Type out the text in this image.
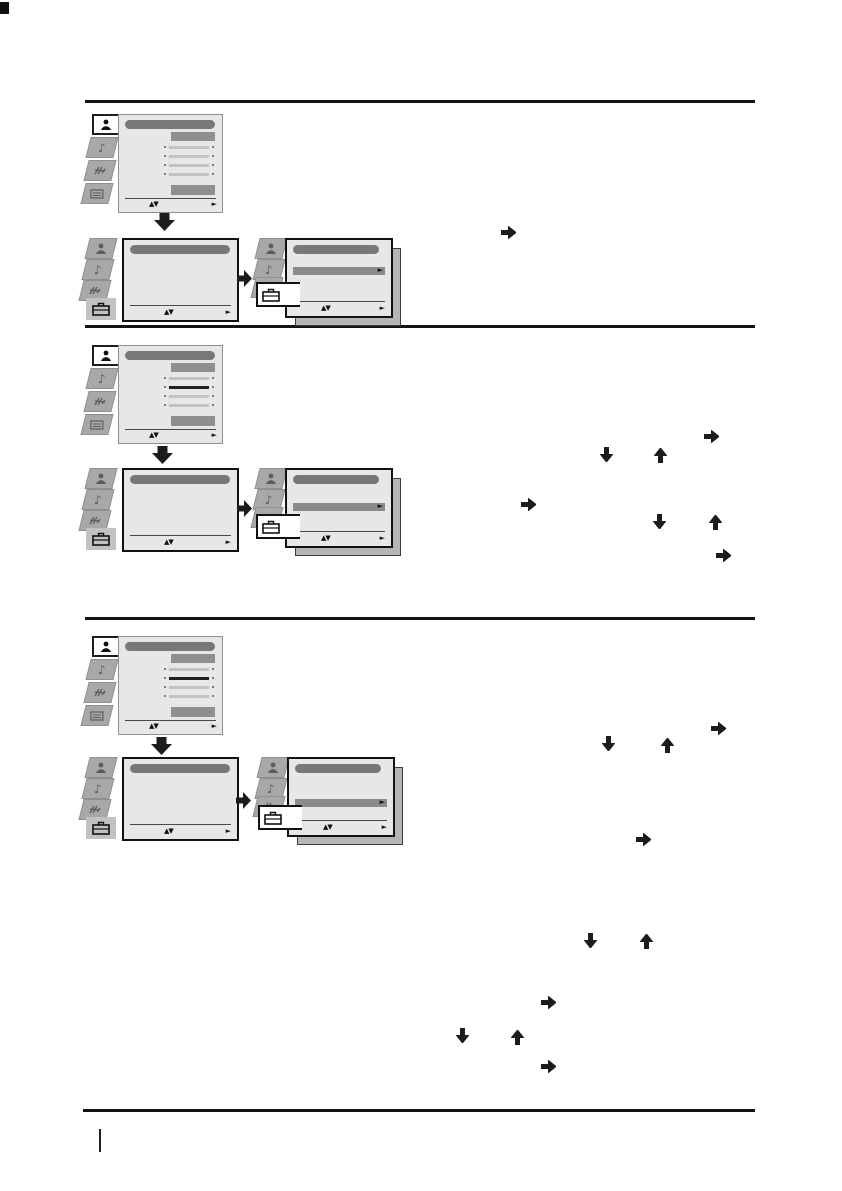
♪
▲▼	►
♪
▲▼	►
♪	►
▲▼	►
♪
▲▼	►
♪
▲▼	►
♪	►
▲▼	►
♪
▲▼	►
♪
▲▼	►
♪
►
▲▼	►
